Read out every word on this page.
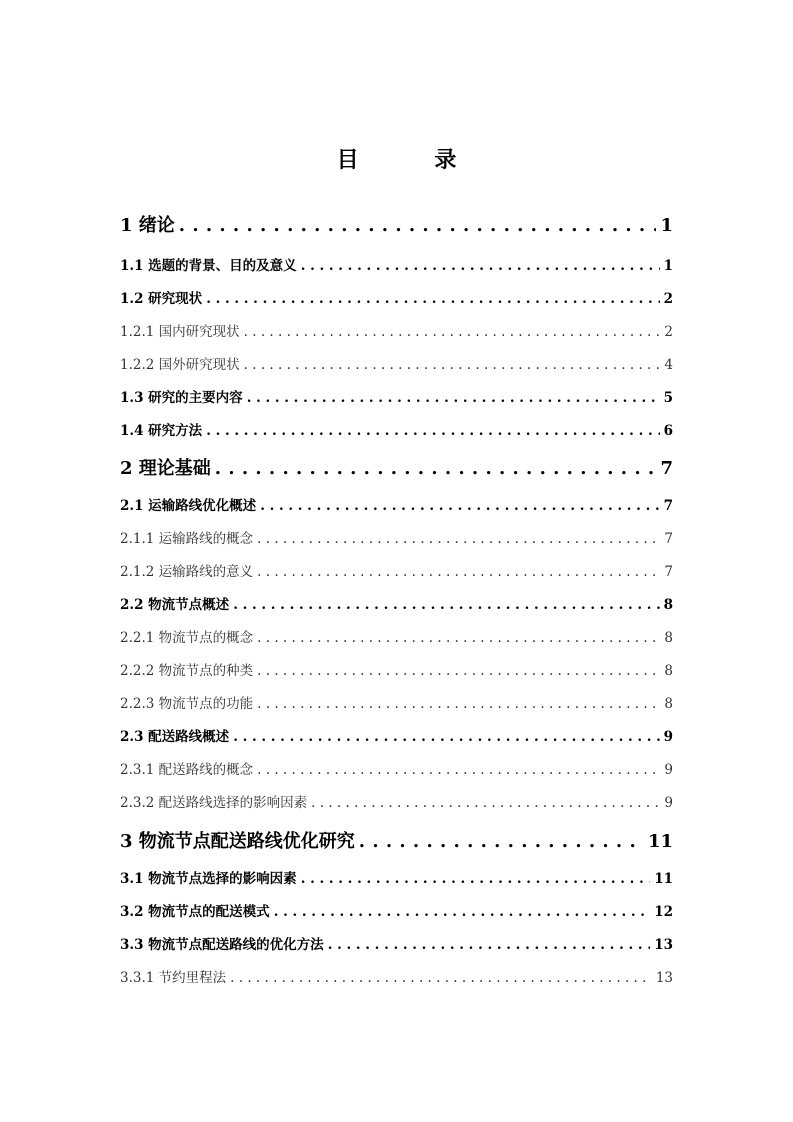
目 录
1 绪论 . . .	1
1.1 选题的背景、目的及意义 . . .	1
1.2 研究现状 . . .	2
1.2.1 国内研究现状 . . .	2
1.2.2 国外研究现状 . . .	4
1.3 研究的主要内容 . . .	5
1.4 研究方法 . . .	6
2 理论基础 . . .	7
2.1 运输路线优化概述 . . .	7
2.1.1 运输路线的概念 . . .	7
2.1.2 运输路线的意义 . . .	7
2.2 物流节点概述 . . .	8
2.2.1 物流节点的概念 . . .	8
2.2.2 物流节点的种类 . . .	8
2.2.3 物流节点的功能 . . .	8
2.3 配送路线概述 . . .	9
2.3.1 配送路线的概念 . . .	9
2.3.2 配送路线选择的影响因素 . . .	9
3 物流节点配送路线优化研究 . . .	11
3.1 物流节点选择的影响因素 . . .	11
3.2 物流节点的配送模式 . . .	12
3.3 物流节点配送路线的优化方法 . . .	13
3.3.1 节约里程法 . . .	13
